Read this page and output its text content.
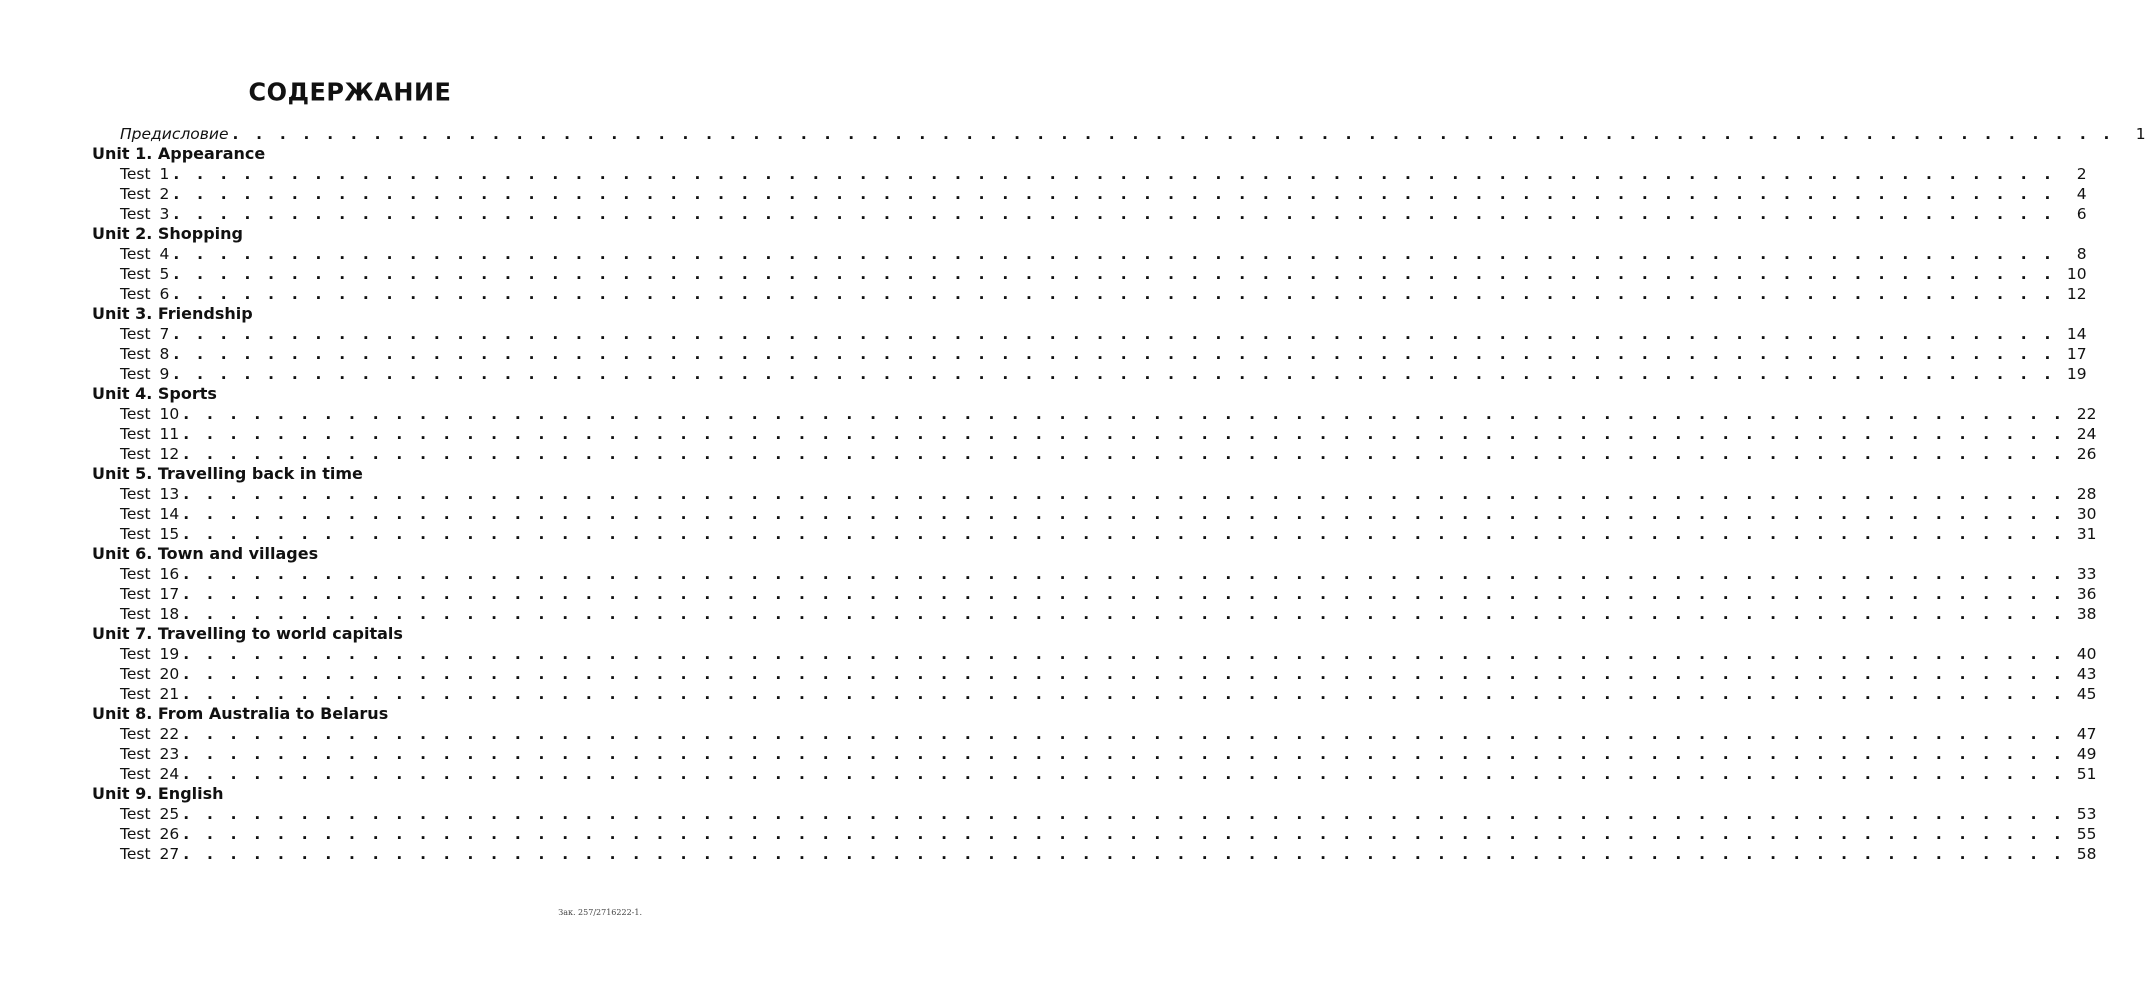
СОДЕРЖАНИЕ
Предисловие . . . . . . . . . . . . . . . . . . . . . . . . . . . . . . . . . . . . . . . . . . . . . . . . . . . . . . . . . . . . . . . . . . . . . . . . . . . . . . . .	1
Unit 1. Appearance
Test 1 . . . . . . . . . . . . . . . . . . . . . . . . . . . . . . . . . . . . . . . . . . . . . . . . . . . . . . . . . . . . . . . . . . . . . . . . . . . . . . . .	2
Test 2 . . . . . . . . . . . . . . . . . . . . . . . . . . . . . . . . . . . . . . . . . . . . . . . . . . . . . . . . . . . . . . . . . . . . . . . . . . . . . . . .	4
Test 3 . . . . . . . . . . . . . . . . . . . . . . . . . . . . . . . . . . . . . . . . . . . . . . . . . . . . . . . . . . . . . . . . . . . . . . . . . . . . . . . .	6
Unit 2. Shopping
Test 4 . . . . . . . . . . . . . . . . . . . . . . . . . . . . . . . . . . . . . . . . . . . . . . . . . . . . . . . . . . . . . . . . . . . . . . . . . . . . . . . .	8
Test 5 . . . . . . . . . . . . . . . . . . . . . . . . . . . . . . . . . . . . . . . . . . . . . . . . . . . . . . . . . . . . . . . . . . . . . . . . . . . . . . . . 10
Test 6 . . . . . . . . . . . . . . . . . . . . . . . . . . . . . . . . . . . . . . . . . . . . . . . . . . . . . . . . . . . . . . . . . . . . . . . . . . . . . . . . 12
Unit 3. Friendship
Test 7 . . . . . . . . . . . . . . . . . . . . . . . . . . . . . . . . . . . . . . . . . . . . . . . . . . . . . . . . . . . . . . . . . . . . . . . . . . . . . . . . 14
Test 8 . . . . . . . . . . . . . . . . . . . . . . . . . . . . . . . . . . . . . . . . . . . . . . . . . . . . . . . . . . . . . . . . . . . . . . . . . . . . . . . . 17
Test 9 . . . . . . . . . . . . . . . . . . . . . . . . . . . . . . . . . . . . . . . . . . . . . . . . . . . . . . . . . . . . . . . . . . . . . . . . . . . . . . . . 19
Unit 4. Sports
Test 10 . . . . . . . . . . . . . . . . . . . . . . . . . . . . . . . . . . . . . . . . . . . . . . . . . . . . . . . . . . . . . . . . . . . . . . . . . . . . . . . . 22
Test 11 . . . . . . . . . . . . . . . . . . . . . . . . . . . . . . . . . . . . . . . . . . . . . . . . . . . . . . . . . . . . . . . . . . . . . . . . . . . . . . . . 24
Test 12 . . . . . . . . . . . . . . . . . . . . . . . . . . . . . . . . . . . . . . . . . . . . . . . . . . . . . . . . . . . . . . . . . . . . . . . . . . . . . . . . 26
Unit 5. Travelling back in time
Test 13 . . . . . . . . . . . . . . . . . . . . . . . . . . . . . . . . . . . . . . . . . . . . . . . . . . . . . . . . . . . . . . . . . . . . . . . . . . . . . . . . 28
Test 14 . . . . . . . . . . . . . . . . . . . . . . . . . . . . . . . . . . . . . . . . . . . . . . . . . . . . . . . . . . . . . . . . . . . . . . . . . . . . . . . . 30
Test 15 . . . . . . . . . . . . . . . . . . . . . . . . . . . . . . . . . . . . . . . . . . . . . . . . . . . . . . . . . . . . . . . . . . . . . . . . . . . . . . . . 31
Unit 6. Town and villages
Test 16 . . . . . . . . . . . . . . . . . . . . . . . . . . . . . . . . . . . . . . . . . . . . . . . . . . . . . . . . . . . . . . . . . . . . . . . . . . . . . . . . 33
Test 17 . . . . . . . . . . . . . . . . . . . . . . . . . . . . . . . . . . . . . . . . . . . . . . . . . . . . . . . . . . . . . . . . . . . . . . . . . . . . . . . . 36
Test 18 . . . . . . . . . . . . . . . . . . . . . . . . . . . . . . . . . . . . . . . . . . . . . . . . . . . . . . . . . . . . . . . . . . . . . . . . . . . . . . . . 38
Unit 7. Travelling to world capitals
Test 19 . . . . . . . . . . . . . . . . . . . . . . . . . . . . . . . . . . . . . . . . . . . . . . . . . . . . . . . . . . . . . . . . . . . . . . . . . . . . . . . . 40
Test 20 . . . . . . . . . . . . . . . . . . . . . . . . . . . . . . . . . . . . . . . . . . . . . . . . . . . . . . . . . . . . . . . . . . . . . . . . . . . . . . . . 43
Test 21 . . . . . . . . . . . . . . . . . . . . . . . . . . . . . . . . . . . . . . . . . . . . . . . . . . . . . . . . . . . . . . . . . . . . . . . . . . . . . . . . 45
Unit 8. From Australia to Belarus
Test 22 . . . . . . . . . . . . . . . . . . . . . . . . . . . . . . . . . . . . . . . . . . . . . . . . . . . . . . . . . . . . . . . . . . . . . . . . . . . . . . . . 47
Test 23 . . . . . . . . . . . . . . . . . . . . . . . . . . . . . . . . . . . . . . . . . . . . . . . . . . . . . . . . . . . . . . . . . . . . . . . . . . . . . . . . 49
Test 24 . . . . . . . . . . . . . . . . . . . . . . . . . . . . . . . . . . . . . . . . . . . . . . . . . . . . . . . . . . . . . . . . . . . . . . . . . . . . . . . . 51
Unit 9. English
Test 25 . . . . . . . . . . . . . . . . . . . . . . . . . . . . . . . . . . . . . . . . . . . . . . . . . . . . . . . . . . . . . . . . . . . . . . . . . . . . . . . . 53
Test 26 . . . . . . . . . . . . . . . . . . . . . . . . . . . . . . . . . . . . . . . . . . . . . . . . . . . . . . . . . . . . . . . . . . . . . . . . . . . . . . . . 55
Test 27 . . . . . . . . . . . . . . . . . . . . . . . . . . . . . . . . . . . . . . . . . . . . . . . . . . . . . . . . . . . . . . . . . . . . . . . . . . . . . . . . 58
Зак. 257/2716222-1.
